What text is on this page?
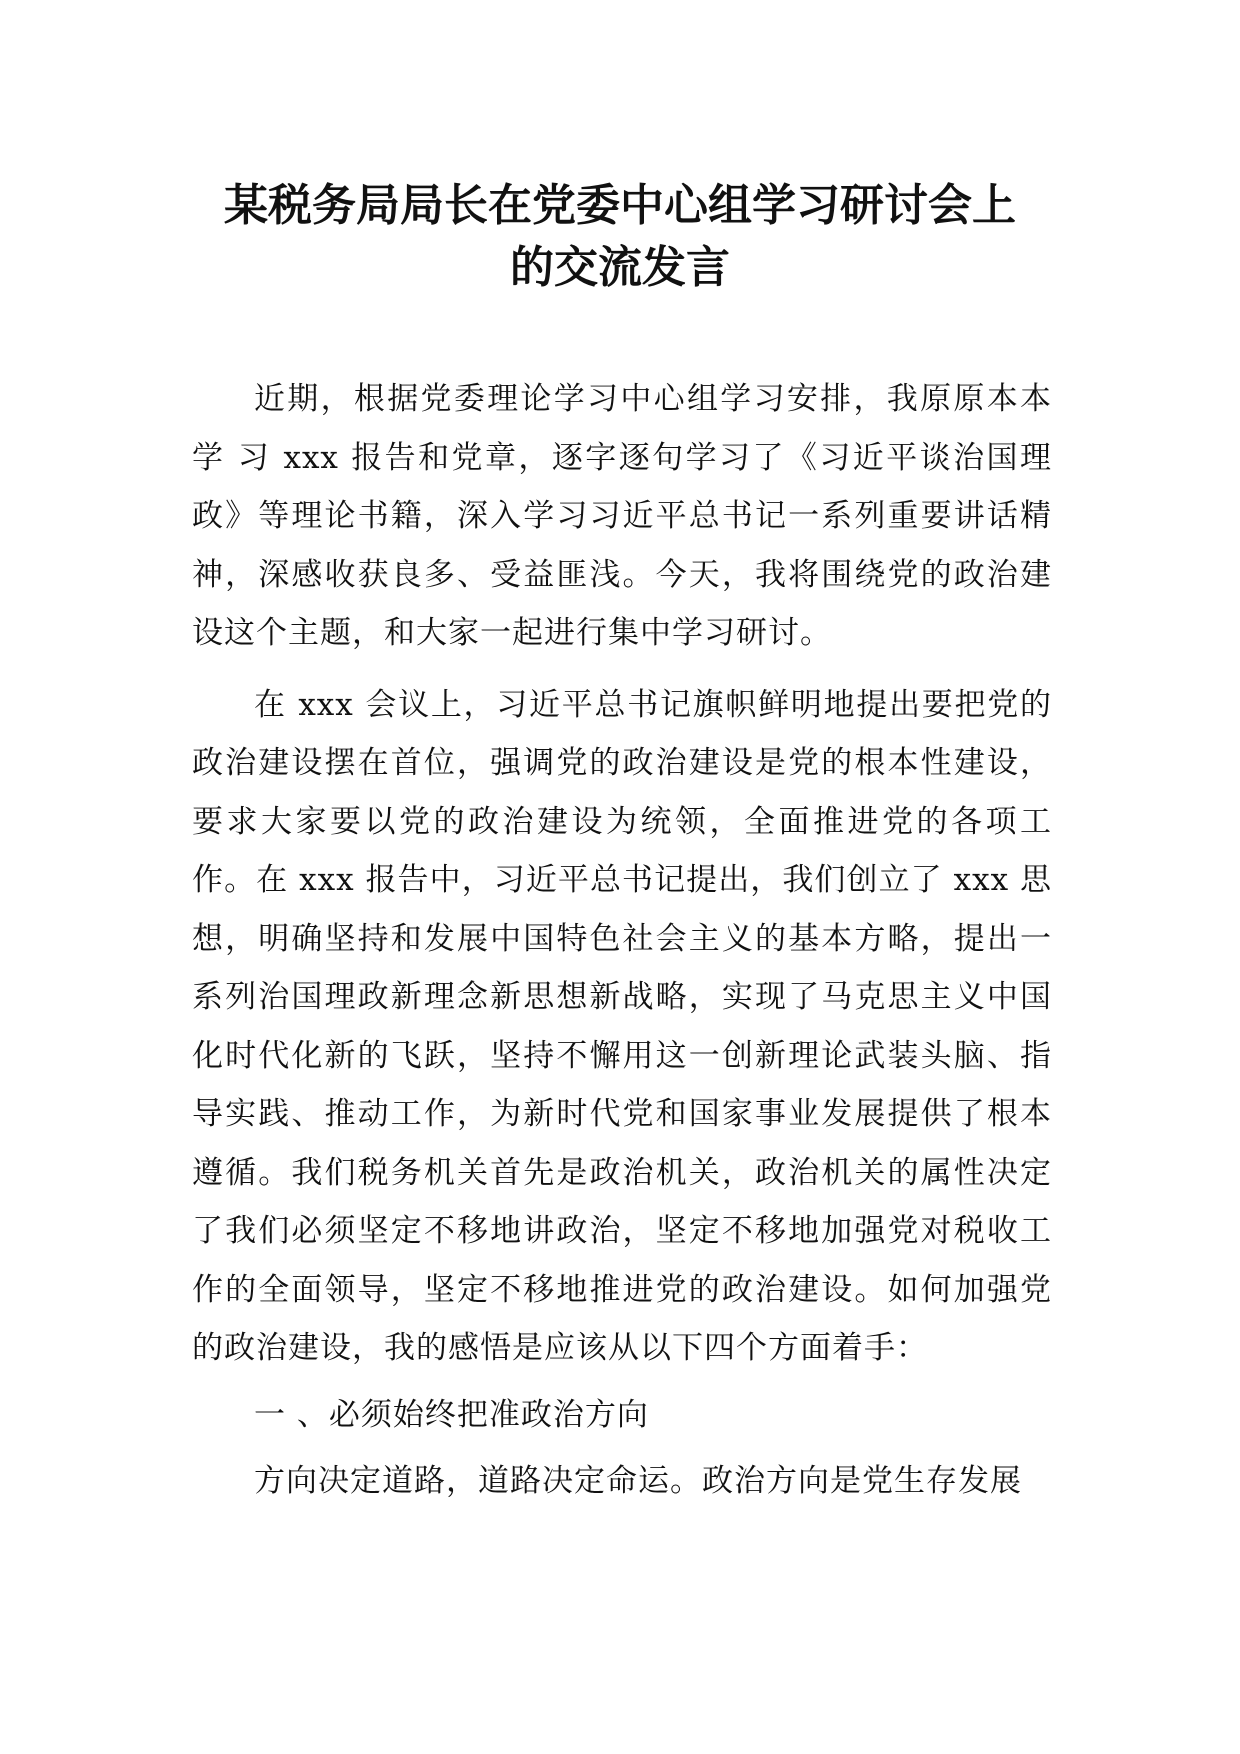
某税务局局长在党委中心组学习研讨会上
的交流发言

近期，根据党委理论学习中心组学习安排，我原原本本学 习 xxx 报告和党章，逐字逐句学习了《习近平谈治国理政》等理论书籍，深入学习习近平总书记一系列重要讲话精神，深感收获良多、受益匪浅。今天，我将围绕党的政治建设这个主题，和大家一起进行集中学习研讨。

在 xxx 会议上，习近平总书记旗帜鲜明地提出要把党的政治建设摆在首位，强调党的政治建设是党的根本性建设，要求大家要以党的政治建设为统领，全面推进党的各项工作。在 xxx 报告中，习近平总书记提出，我们创立了 xxx 思想，明确坚持和发展中国特色社会主义的基本方略，提出一系列治国理政新理念新思想新战略，实现了马克思主义中国化时代化新的飞跃，坚持不懈用这一创新理论武装头脑、指导实践、推动工作，为新时代党和国家事业发展提供了根本遵循。我们税务机关首先是政治机关，政治机关的属性决定了我们必须坚定不移地讲政治，坚定不移地加强党对税收工作的全面领导，坚定不移地推进党的政治建设。如何加强党的政治建设，我的感悟是应该从以下四个方面着手：

一 、必须始终把准政治方向

方向决定道路，道路决定命运。政治方向是党生存发展
